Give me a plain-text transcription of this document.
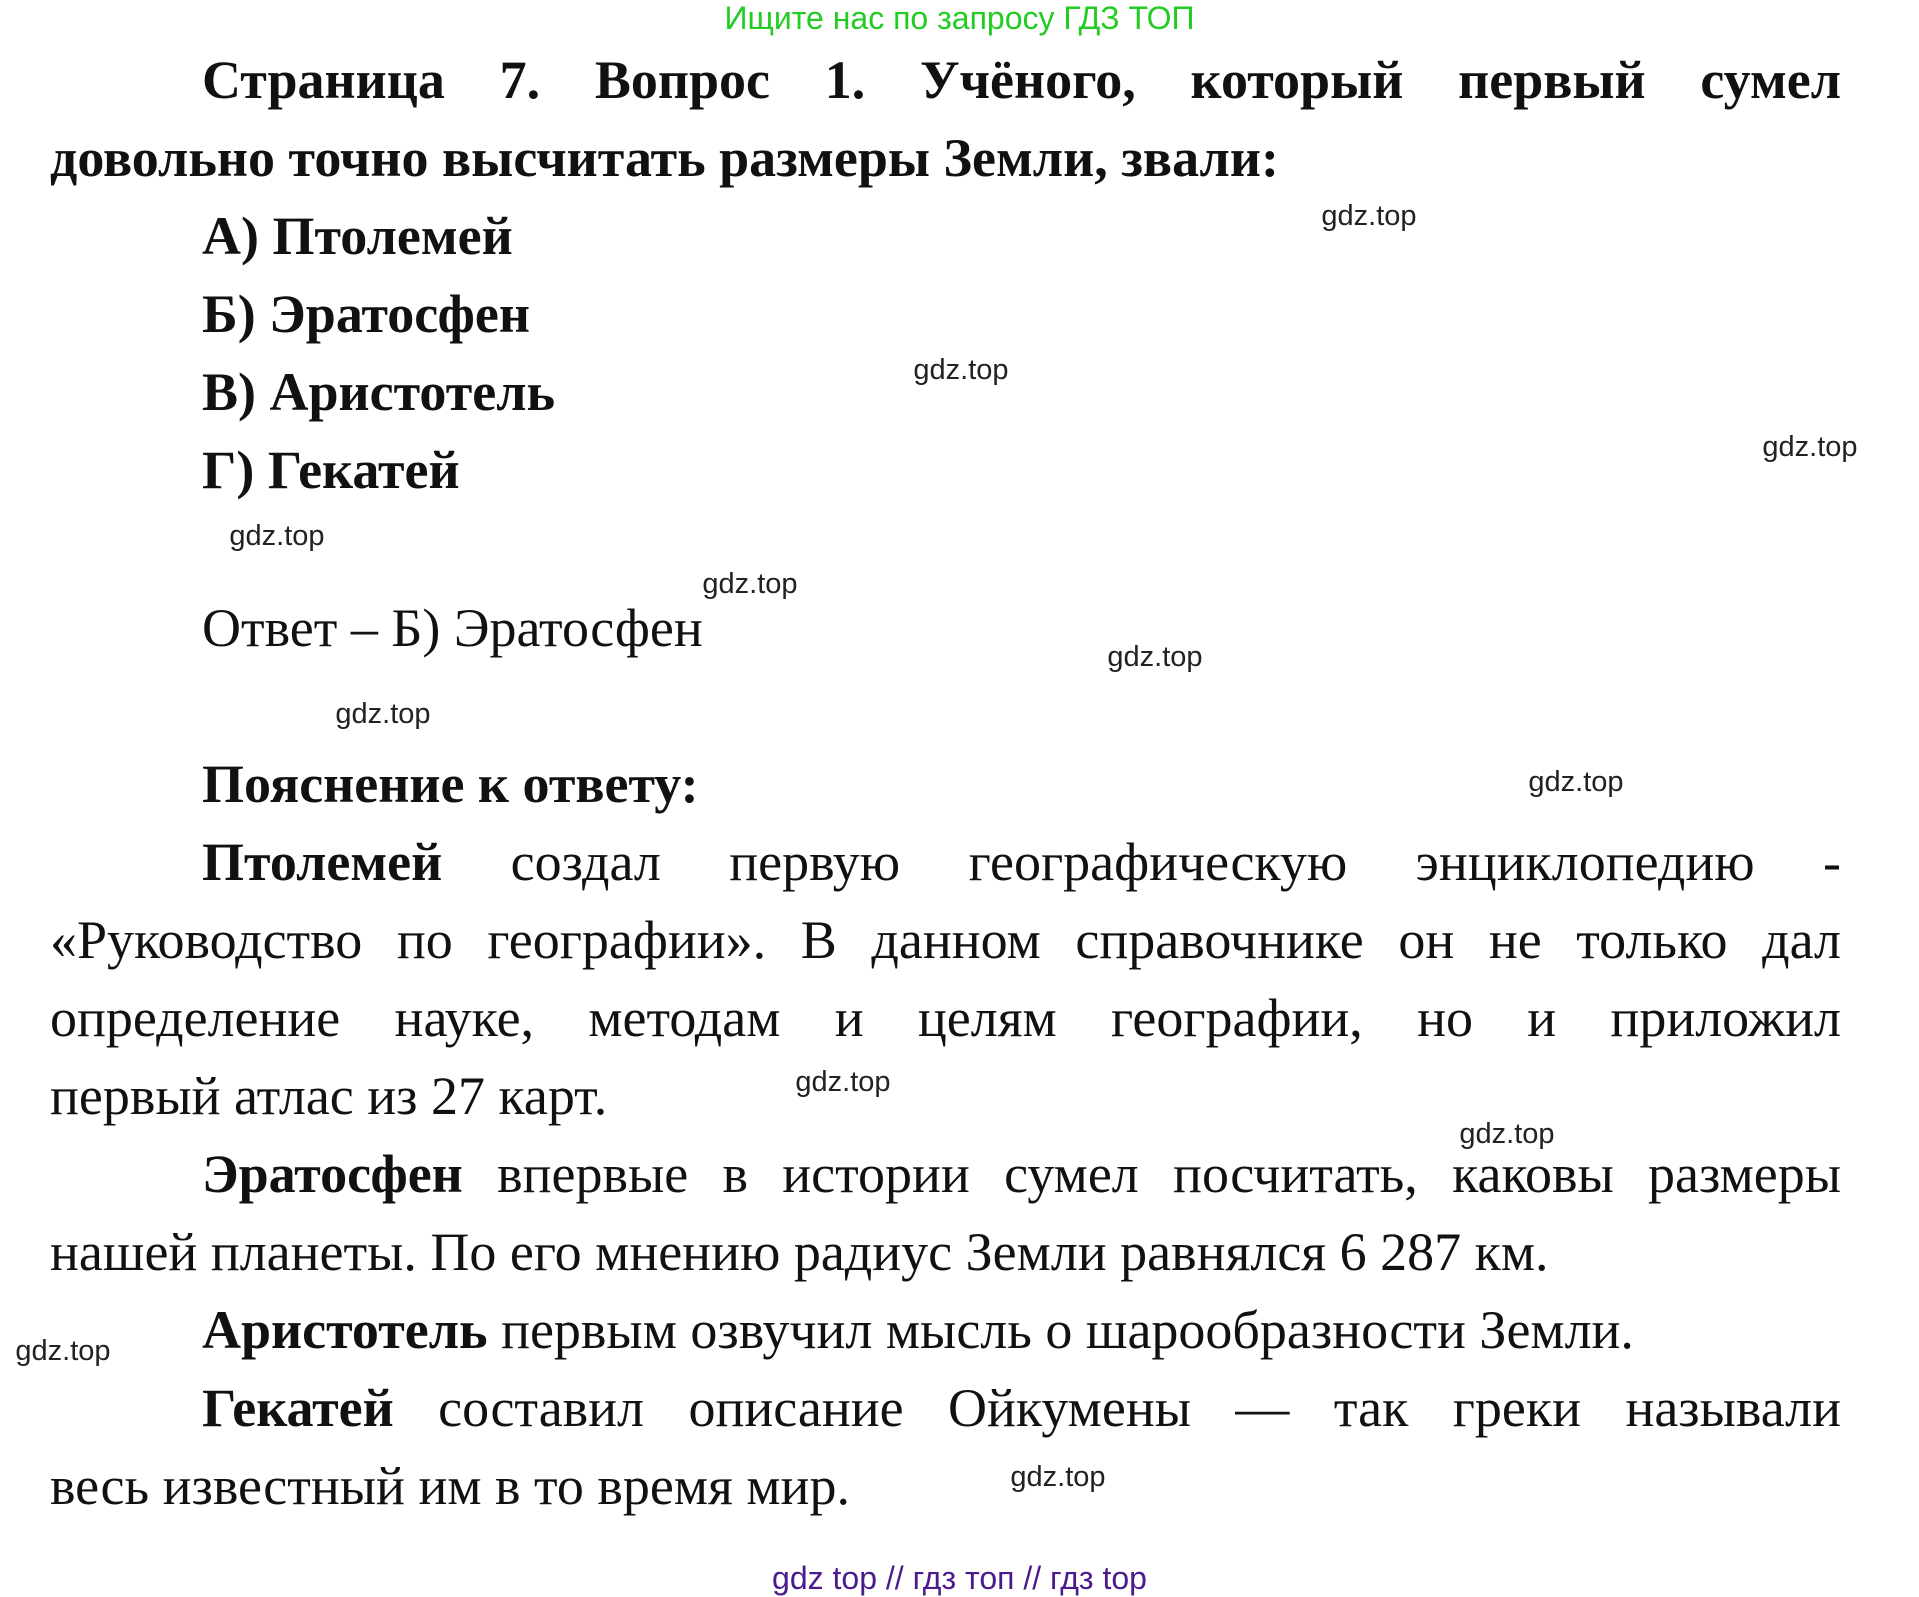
Ищите нас по запросу ГДЗ ТОП
Страница 7. Вопрос 1. Учёного, который первый сумел
довольно точно высчитать размеры Земли, звали:
А) Птолемей
Б) Эратосфен
В) Аристотель
Г) Гекатей
Ответ – Б) Эратосфен
Пояснение к ответу:
Птолемей создал первую географическую энциклопедию -
«Руководство по географии». В данном справочнике он не только дал
определение науке, методам и целям географии, но и приложил
первый атлас из 27 карт.
Эратосфен впервые в истории сумел посчитать, каковы размеры
нашей планеты. По его мнению радиус Земли равнялся 6 287 км.
Аристотель первым озвучил мысль о шарообразности Земли.
Гекатей составил описание Ойкумены — так греки называли
весь известный им в то время мир.
gdz.top
gdz.top
gdz.top
gdz.top
gdz.top
gdz.top
gdz.top
gdz.top
gdz.top
gdz.top
gdz.top
gdz.top
gdz top // гдз топ // гдз top
